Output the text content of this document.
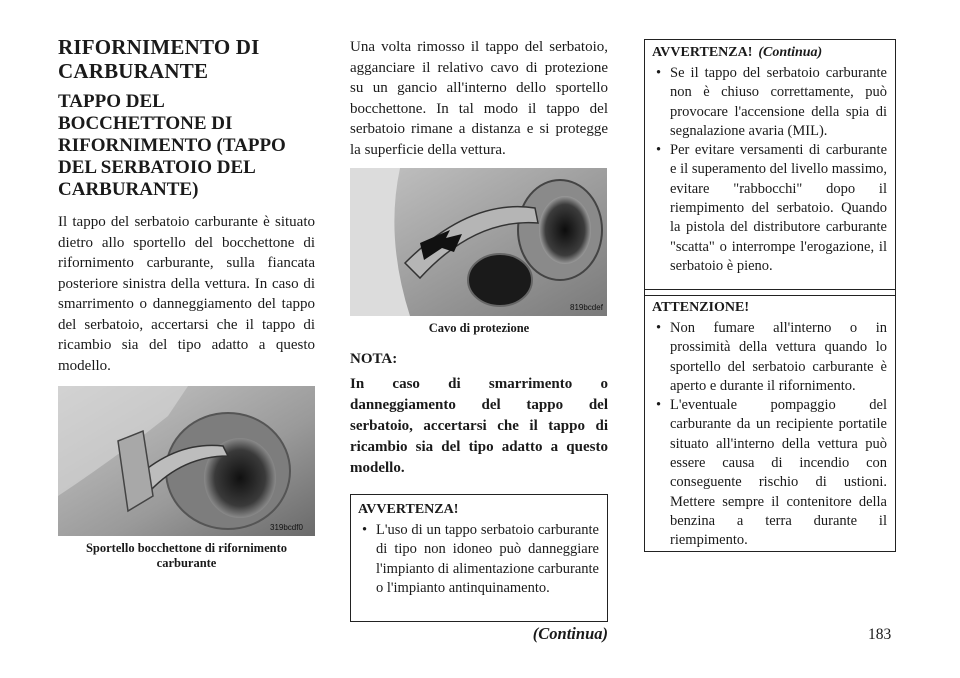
RIFORNIMENTO DI CARBURANTE
TAPPO DEL BOCCHETTONE DI RIFORNIMENTO (TAPPO DEL SERBATOIO DEL CARBURANTE)

Il tappo del serbatoio carburante è situato dietro allo sportello del bocchettone di rifornimento carburante, sulla fiancata posteriore sinistra della vettura. In caso di smarrimento o danneggiamento del tappo del serbatoio, accertarsi che il tappo di ricambio sia del tipo adatto a questo modello.

319bcdf0
Sportello bocchettone di rifornimento carburante

Una volta rimosso il tappo del serbatoio, agganciare il relativo cavo di protezione su un gancio all'interno dello sportello bocchettone. In tal modo il tappo del serbatoio rimane a distanza e si protegge la superficie della vettura.

819bcdef
Cavo di protezione
NOTA:
In caso di smarrimento o danneggiamento del tappo del serbatoio, accertarsi che il tappo di ricambio sia del tipo adatto a questo modello.
AVVERTENZA!
• L'uso di un tappo serbatoio carburante di tipo non idoneo può danneggiare l'impianto di alimentazione carburante o l'impianto antinquinamento.
(Continua)
AVVERTENZA! (Continua)
• Se il tappo del serbatoio carburante non è chiuso correttamente, può provocare l'accensione della spia di segnalazione avaria (MIL).
• Per evitare versamenti di carburante e il superamento del livello massimo, evitare "rabbocchi" dopo il riempimento del serbatoio. Quando la pistola del distributore carburante "scatta" o interrompe l'erogazione, il serbatoio è pieno.
ATTENZIONE!
• Non fumare all'interno o in prossimità della vettura quando lo sportello del serbatoio carburante è aperto e durante il rifornimento.
• L'eventuale pompaggio del carburante da un recipiente portatile situato all'interno della vettura può essere causa di incendio con conseguente rischio di ustioni. Mettere sempre il contenitore della benzina a terra durante il riempimento.
183
